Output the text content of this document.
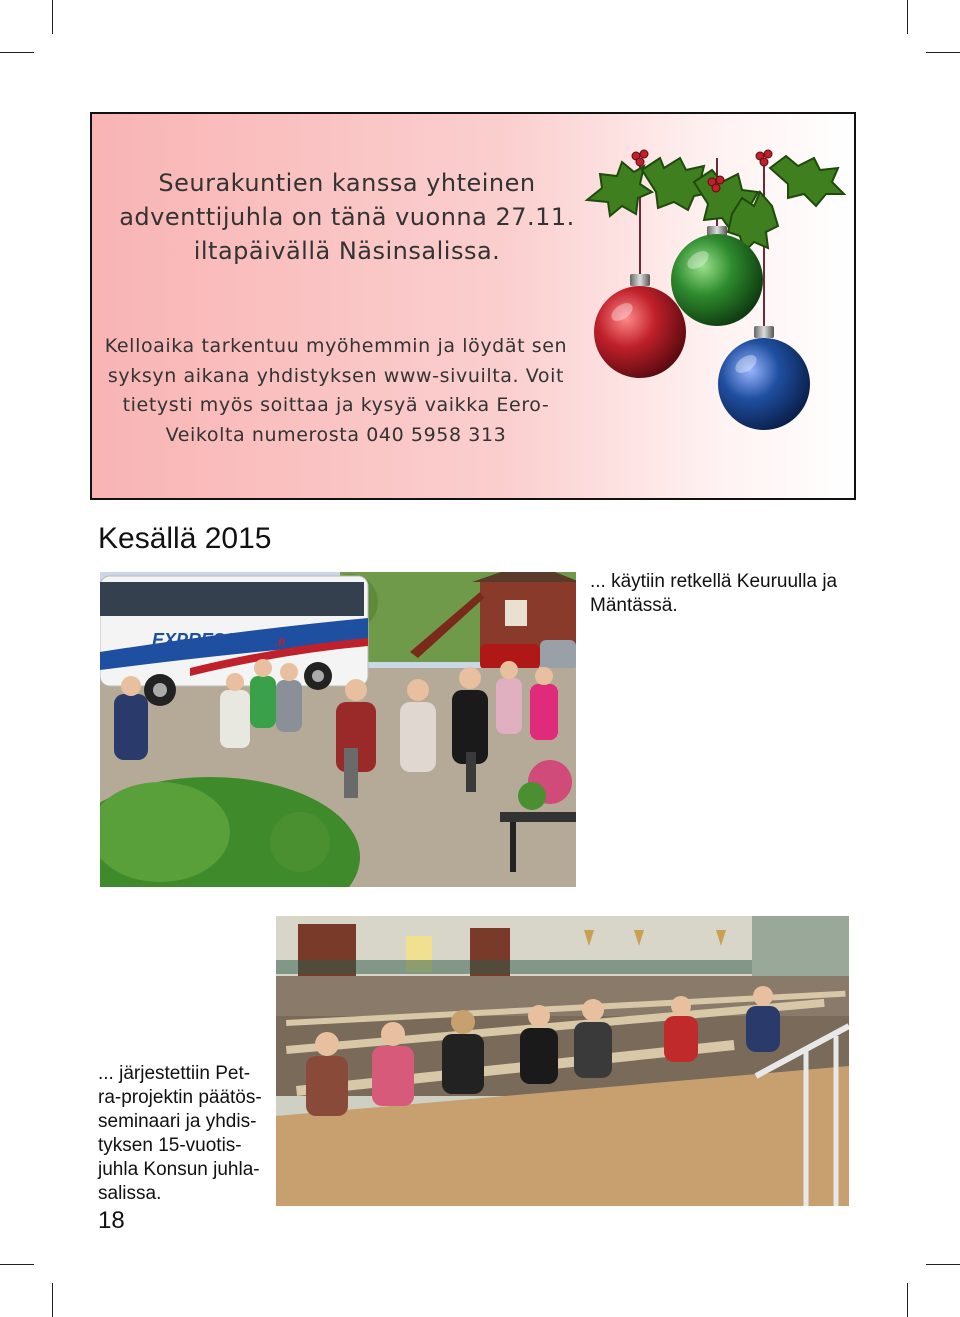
Seurakuntien kanssa yhteinen
adventtijuhla on tänä vuonna 27.11.
iltapäivällä Näsinsalissa.
Kelloaika tarkentuu myöhemmin ja löydät sen
syksyn aikana yhdistyksen www-sivuilta. Voit
tietysti myös soittaa ja kysyä vaikka Eero-
Veikolta numerosta 040 5958 313
Kesällä 2015
EXPRESSBUS.fi
LÄNSILINJAT
... käytiin retkellä Keuruulla ja Mäntässä.
... järjestettiin Pet-
ra-projektin päätös-
seminaari ja yhdis-
tyksen 15-vuotis-
juhla Konsun juhla-
salissa.
18
